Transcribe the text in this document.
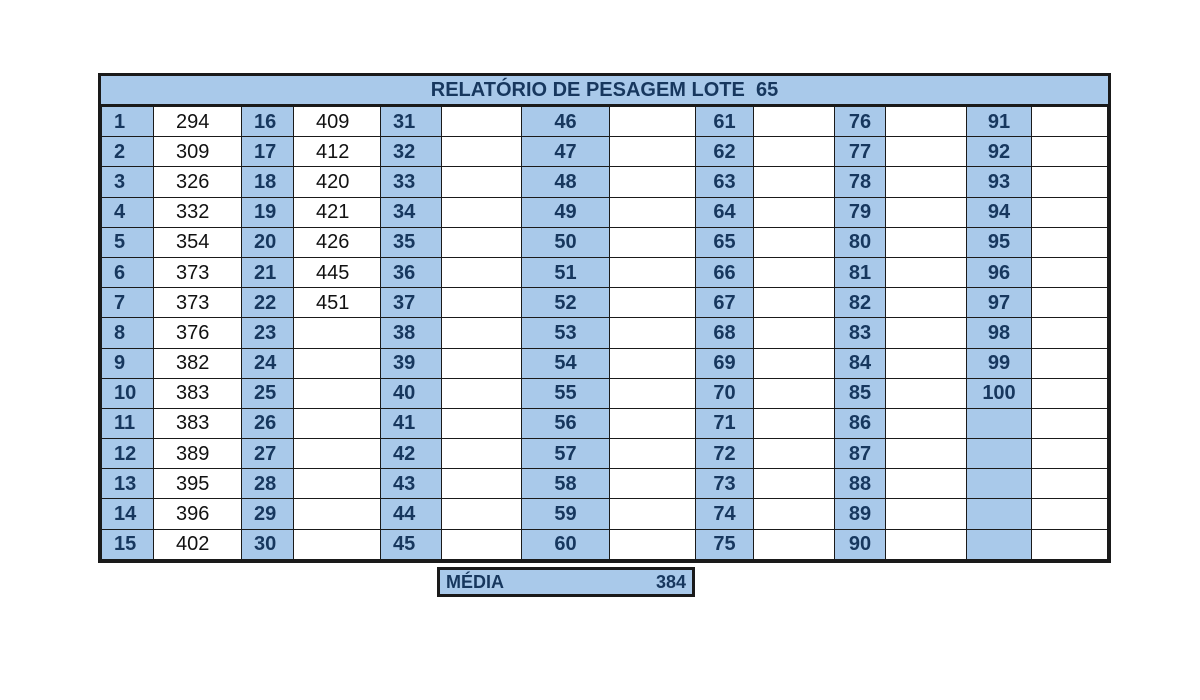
RELATÓRIO DE PESAGEM LOTE  65
1	294	16	409	31		46		61		76		91	
2	309	17	412	32		47		62		77		92	
3	326	18	420	33		48		63		78		93	
4	332	19	421	34		49		64		79		94	
5	354	20	426	35		50		65		80		95	
6	373	21	445	36		51		66		81		96	
7	373	22	451	37		52		67		82		97	
8	376	23		38		53		68		83		98	
9	382	24		39		54		69		84		99	
10	383	25		40		55		70		85		100	
11	383	26		41		56		71		86			
12	389	27		42		57		72		87			
13	395	28		43		58		73		88			
14	396	29		44		59		74		89			
15	402	30		45		60		75		90			
MÉDIA	384
